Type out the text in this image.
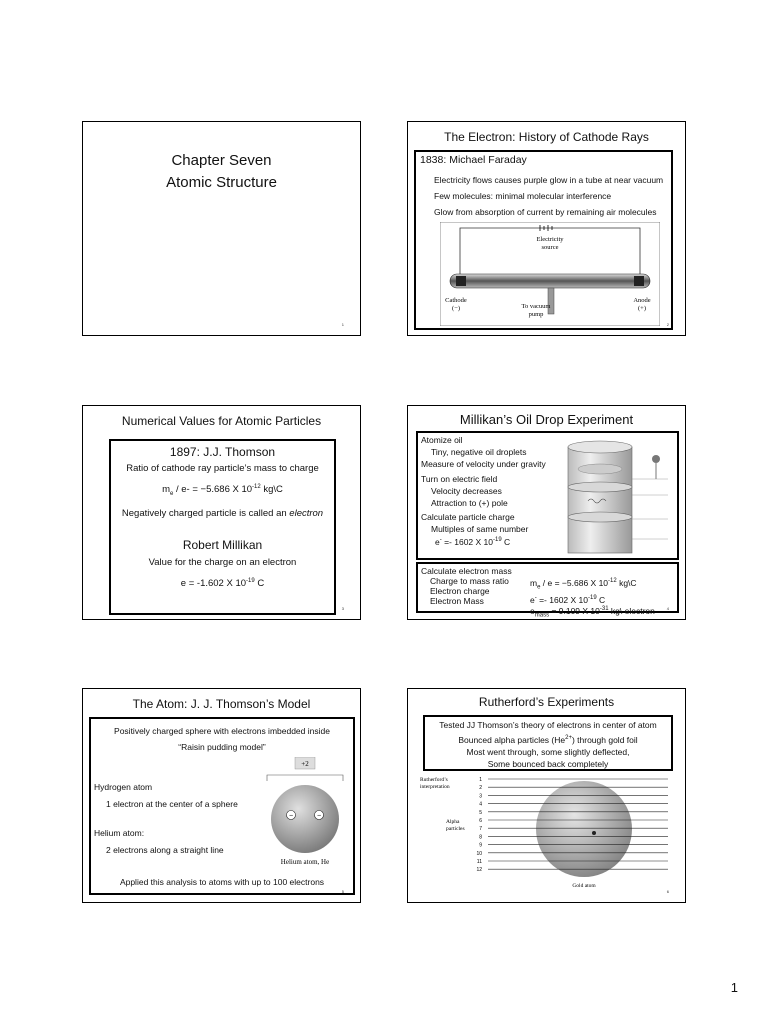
Chapter Seven
Atomic Structure
1
The Electron: History of Cathode Rays
1838: Michael Faraday
Electricity flows causes purple glow in a tube at near vacuum
Few molecules: minimal molecular interference
Glow from absorption of current by remaining air molecules
Electricity
source
Cathode
(−)
Anode
(+)
To vacuum
pump
2
Numerical Values for Atomic Particles
1897: J.J. Thomson
Ratio of cathode ray particle’s mass to charge
$m_e / e- = -5.686$ X $10^{-12}$ kg\C
Negatively charged particle is called an electron
Robert Millikan
Value for the charge on an electron
e = -1.602 X $10^{-19}$ C
3
Millikan’s Oil Drop Experiment
Atomize oil
Tiny, negative oil droplets
Measure of velocity under gravity
Turn on electric field
Velocity decreases
Attraction to (+) pole
Calculate particle charge
Multiples of same number
e- =- 1602 X $10^{-19}$ C
Calculate electron mass
Charge to mass ratio
Electron charge
Electron Mass
$m_e / e = -5.686$ X $10^{-12}$ kg\C
e- =- 1602 X $10^{-19}$ C
$e_{mass} = 9.109$ X $10^{-31}$ kg\ electron	4
The Atom: J. J. Thomson’s Model
Positively charged sphere with electrons imbedded inside
“Raisin pudding model”
Hydrogen atom
1 electron at the center of a sphere
Helium atom:
2 electrons along a straight line
+2
−	−
Helium atom, He
Applied this analysis to atoms with up to 100 electrons
5
Rutherford’s Experiments
Tested JJ Thomson’s theory of electrons in center of atom
Bounced alpha particles $(He^{2+})$ through gold foil
Most went through, some slightly deflected,
Some bounced back completely
Rutherford’s
interpretation
Alpha
particles
1
2
3
4
5
6
7
8
9
10
11
12
Gold atom
6
1
